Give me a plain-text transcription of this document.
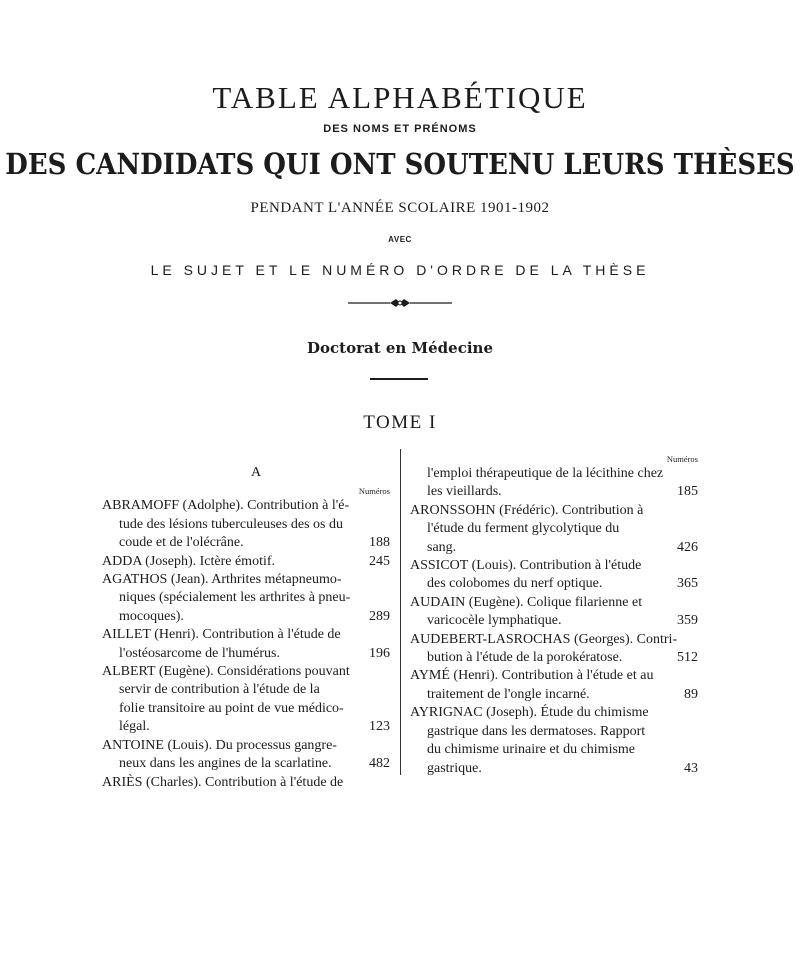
TABLE ALPHABÉTIQUE
DES NOMS ET PRÉNOMS
DES CANDIDATS QUI ONT SOUTENU LEURS THÈSES
PENDANT L'ANNÉE SCOLAIRE 1901-1902
AVEC
LE SUJET ET LE NUMÉRO D'ORDRE DE LA THÈSE
Doctorat en Médecine
TOME I
A
Numéros
ABRAMOFF (Adolphe). Contribution à l'é-
tude des lésions tuberculeuses des os du
coude et de l'olécrâne.	188
ADDA (Joseph). Ictère émotif.	245
AGATHOS (Jean). Arthrites métapneumo-
niques (spécialement les arthrites à pneu-
mocoques).	289
AILLET (Henri). Contribution à l'étude de
l'ostéosarcome de l'humérus.	196
ALBERT (Eugène). Considérations pouvant
servir de contribution à l'étude de la
folie transitoire au point de vue médico-
légal.	123
ANTOINE (Louis). Du processus gangre-
neux dans les angines de la scarlatine.	482
ARIÈS (Charles). Contribution à l'étude de
Numéros
l'emploi thérapeutique de la lécithine chez
les vieillards.	185
ARONSSOHN (Frédéric). Contribution à
l'étude du ferment glycolytique du
sang.	426
ASSICOT (Louis). Contribution à l'étude
des colobomes du nerf optique.	365
AUDAIN (Eugène). Colique filarienne et
varicocèle lymphatique.	359
AUDEBERT-LASROCHAS (Georges). Contri-
bution à l'étude de la porokératose.	512
AYMÉ (Henri). Contribution à l'étude et au
traitement de l'ongle incarné.	89
AYRIGNAC (Joseph). Étude du chimisme
gastrique dans les dermatoses. Rapport
du chimisme urinaire et du chimisme
gastrique.	43
